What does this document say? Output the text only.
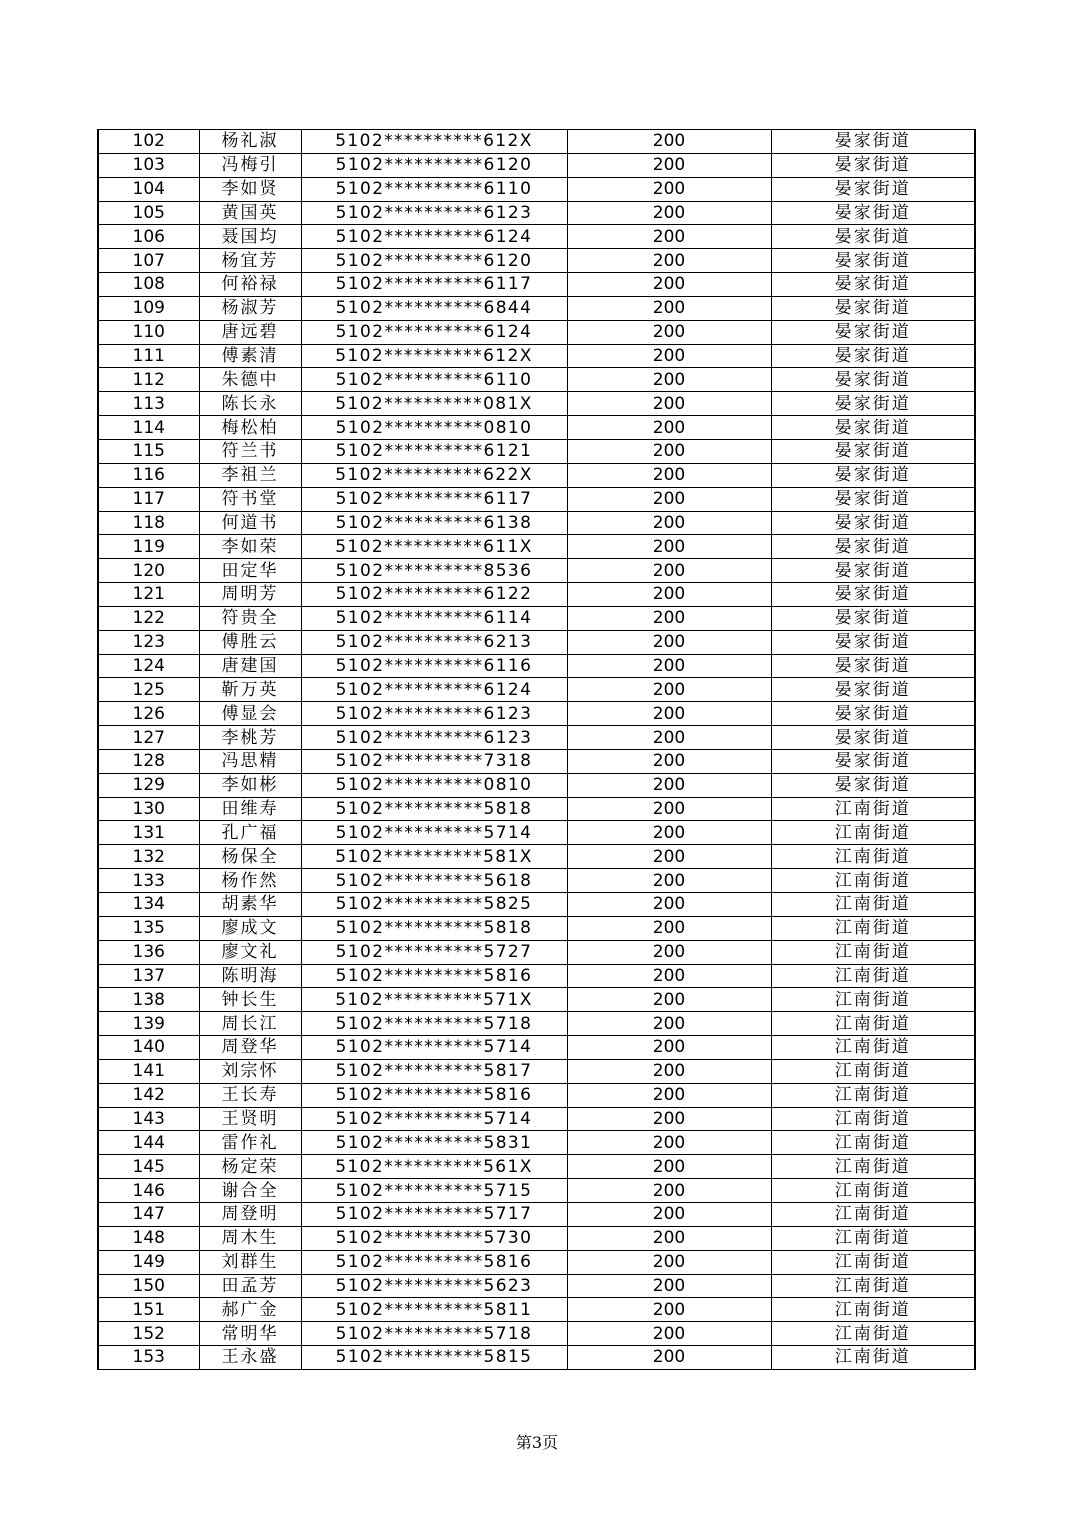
102	杨礼淑	5102**********612X	200	晏家街道
103	冯梅引	5102**********6120	200	晏家街道
104	李如贤	5102**********6110	200	晏家街道
105	黄国英	5102**********6123	200	晏家街道
106	聂国均	5102**********6124	200	晏家街道
107	杨宜芳	5102**********6120	200	晏家街道
108	何裕禄	5102**********6117	200	晏家街道
109	杨淑芳	5102**********6844	200	晏家街道
110	唐远碧	5102**********6124	200	晏家街道
111	傅素清	5102**********612X	200	晏家街道
112	朱德中	5102**********6110	200	晏家街道
113	陈长永	5102**********081X	200	晏家街道
114	梅松柏	5102**********0810	200	晏家街道
115	符兰书	5102**********6121	200	晏家街道
116	李祖兰	5102**********622X	200	晏家街道
117	符书堂	5102**********6117	200	晏家街道
118	何道书	5102**********6138	200	晏家街道
119	李如荣	5102**********611X	200	晏家街道
120	田定华	5102**********8536	200	晏家街道
121	周明芳	5102**********6122	200	晏家街道
122	符贵全	5102**********6114	200	晏家街道
123	傅胜云	5102**********6213	200	晏家街道
124	唐建国	5102**********6116	200	晏家街道
125	靳万英	5102**********6124	200	晏家街道
126	傅显会	5102**********6123	200	晏家街道
127	李桃芳	5102**********6123	200	晏家街道
128	冯思精	5102**********7318	200	晏家街道
129	李如彬	5102**********0810	200	晏家街道
130	田维寿	5102**********5818	200	江南街道
131	孔广福	5102**********5714	200	江南街道
132	杨保全	5102**********581X	200	江南街道
133	杨作然	5102**********5618	200	江南街道
134	胡素华	5102**********5825	200	江南街道
135	廖成文	5102**********5818	200	江南街道
136	廖文礼	5102**********5727	200	江南街道
137	陈明海	5102**********5816	200	江南街道
138	钟长生	5102**********571X	200	江南街道
139	周长江	5102**********5718	200	江南街道
140	周登华	5102**********5714	200	江南街道
141	刘宗怀	5102**********5817	200	江南街道
142	王长寿	5102**********5816	200	江南街道
143	王贤明	5102**********5714	200	江南街道
144	雷作礼	5102**********5831	200	江南街道
145	杨定荣	5102**********561X	200	江南街道
146	谢合全	5102**********5715	200	江南街道
147	周登明	5102**********5717	200	江南街道
148	周木生	5102**********5730	200	江南街道
149	刘群生	5102**********5816	200	江南街道
150	田孟芳	5102**********5623	200	江南街道
151	郝广金	5102**********5811	200	江南街道
152	常明华	5102**********5718	200	江南街道
153	王永盛	5102**********5815	200	江南街道
第3页
